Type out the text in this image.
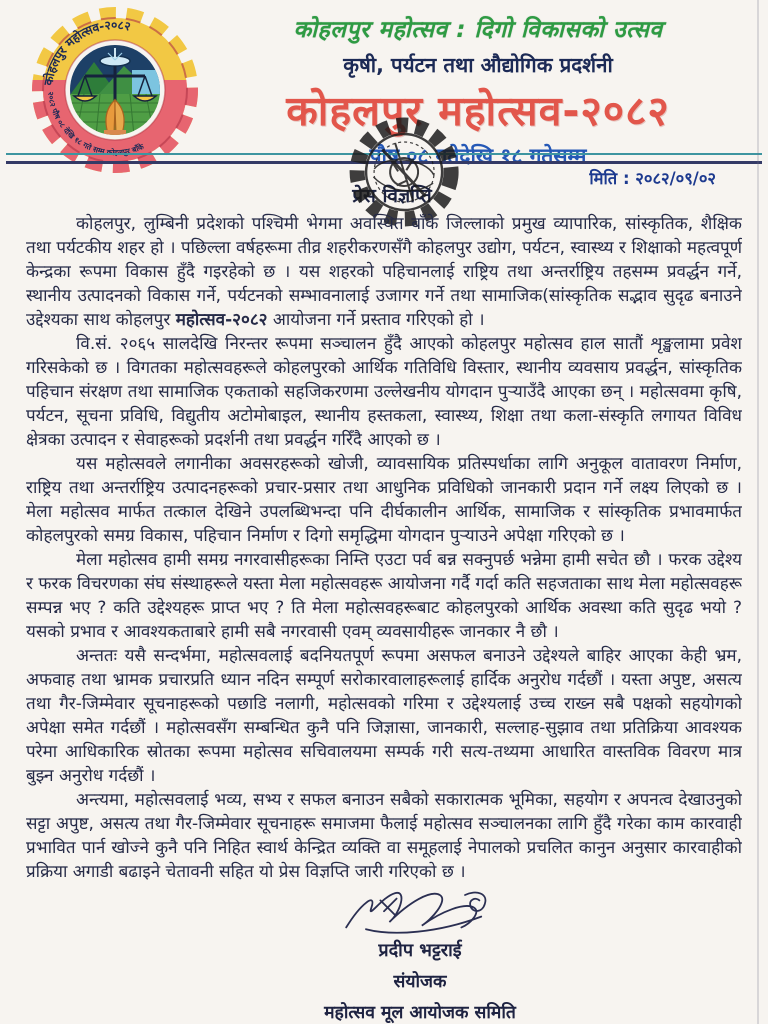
कोहलपुर महोत्सव-२०८२
२०८२ पौष ०८ देखि १८ गते सम्म कोहलपुर बाँके
कोहलपुर महोत्सव : दिगो विकासको उत्सव
कृषी, पर्यटन तथा औद्योगिक प्रदर्शनी
कोहलपुर महोत्सव-२०८२
पौष ०८ गतेदेखि १८ गतेसम्म
मिति : २०८२/०९/०२
प्रेस विज्ञप्ति

कोहलपुर, लुम्बिनी प्रदेशको पश्चिमी भेगमा अवस्थित बाँके जिल्लाको प्रमुख व्यापारिक, सांस्कृतिक, शैक्षिक तथा पर्यटकीय शहर हो । पछिल्ला वर्षहरूमा तीव्र शहरीकरणसँगै कोहलपुर उद्योग, पर्यटन, स्वास्थ्य र शिक्षाको महत्वपूर्ण केन्द्रका रूपमा विकास हुँदै गइरहेको छ । यस शहरको पहिचानलाई राष्ट्रिय तथा अन्तर्राष्ट्रिय तहसम्म प्रवर्द्धन गर्ने, स्थानीय उत्पादनको विकास गर्ने, पर्यटनको सम्भावनालाई उजागर गर्ने तथा सामाजिक(सांस्कृतिक सद्भाव सुदृढ बनाउने उद्देश्यका साथ कोहलपुर महोत्सव-२०८२ आयोजना गर्ने प्रस्ताव गरिएको हो ।

वि.सं. २०६५ सालदेखि निरन्तर रूपमा सञ्चालन हुँदै आएको कोहलपुर महोत्सव हाल सातौं शृङ्खलामा प्रवेश गरिसकेको छ । विगतका महोत्सवहरूले कोहलपुरको आर्थिक गतिविधि विस्तार, स्थानीय व्यवसाय प्रवर्द्धन, सांस्कृतिक पहिचान संरक्षण तथा सामाजिक एकताको सहजिकरणमा उल्लेखनीय योगदान पुऱ्याउँदै आएका छन् । महोत्सवमा कृषि, पर्यटन, सूचना प्रविधि, विद्युतीय अटोमोबाइल, स्थानीय हस्तकला, स्वास्थ्य, शिक्षा तथा कला-संस्कृति लगायत विविध क्षेत्रका उत्पादन र सेवाहरूको प्रदर्शनी तथा प्रवर्द्धन गरिँदै आएको छ ।

यस महोत्सवले लगानीका अवसरहरूको खोजी, व्यावसायिक प्रतिस्पर्धाका लागि अनुकूल वातावरण निर्माण, राष्ट्रिय तथा अन्तर्राष्ट्रिय उत्पादनहरूको प्रचार-प्रसार तथा आधुनिक प्रविधिको जानकारी प्रदान गर्ने लक्ष्य लिएको छ । मेला महोत्सव मार्फत तत्काल देखिने उपलब्धिभन्दा पनि दीर्घकालीन आर्थिक, सामाजिक र सांस्कृतिक प्रभावमार्फत कोहलपुरको समग्र विकास, पहिचान निर्माण र दिगो समृद्धिमा योगदान पुऱ्याउने अपेक्षा गरिएको छ ।

मेला महोत्सव हामी समग्र नगरवासीहरूका निम्ति एउटा पर्व बन्न सक्नुपर्छ भन्नेमा हामी सचेत छौ । फरक उद्देश्य र फरक विचरणका संघ संस्थाहरूले यस्ता मेला महोत्सवहरू आयोजना गर्दै गर्दा कति सहजताका साथ मेला महोत्सवहरू सम्पन्न भए ? कति उद्देश्यहरू प्राप्त भए ? ति मेला महोत्सवहरूबाट कोहलपुरको आर्थिक अवस्था कति सुदृढ भयो ? यसको प्रभाव र आवश्यकताबारे हामी सबै नगरवासी एवम् व्यवसायीहरू जानकार नै छौ ।

अन्ततः यसै सन्दर्भमा, महोत्सवलाई बदनियतपूर्ण रूपमा असफल बनाउने उद्देश्यले बाहिर आएका केही भ्रम, अफवाह तथा भ्रामक प्रचारप्रति ध्यान नदिन सम्पूर्ण सरोकारवालाहरूलाई हार्दिक अनुरोध गर्दछौं । यस्ता अपुष्ट, असत्य तथा गैर-जिम्मेवार सूचनाहरूको पछाडि नलागी, महोत्सवको गरिमा र उद्देश्यलाई उच्च राख्न सबै पक्षको सहयोगको अपेक्षा समेत गर्दछौं । महोत्सवसँग सम्बन्धित कुनै पनि जिज्ञासा, जानकारी, सल्लाह-सुझाव तथा प्रतिक्रिया आवश्यक परेमा आधिकारिक स्रोतका रूपमा महोत्सव सचिवालयमा सम्पर्क गरी सत्य-तथ्यमा आधारित वास्तविक विवरण मात्र बुझ्न अनुरोध गर्दछौं ।

अन्त्यमा, महोत्सवलाई भव्य, सभ्य र सफल बनाउन सबैको सकारात्मक भूमिका, सहयोग र अपनत्व देखाउनुको सट्टा अपुष्ट, असत्य तथा गैर-जिम्मेवार सूचनाहरू समाजमा फैलाई महोत्सव सञ्चालनका लागि हुँदै गरेका काम कारवाही प्रभावित पार्न खोज्ने कुनै पनि निहित स्वार्थ केन्द्रित व्यक्ति वा समूहलाई नेपालको प्रचलित कानुन अनुसार कारवाहीको प्रक्रिया अगाडी बढाइने चेतावनी सहित यो प्रेस विज्ञप्ति जारी गरिएको छ ।

प्रदीप भट्टराई
संयोजक
महोत्सव मूल आयोजक समिति
